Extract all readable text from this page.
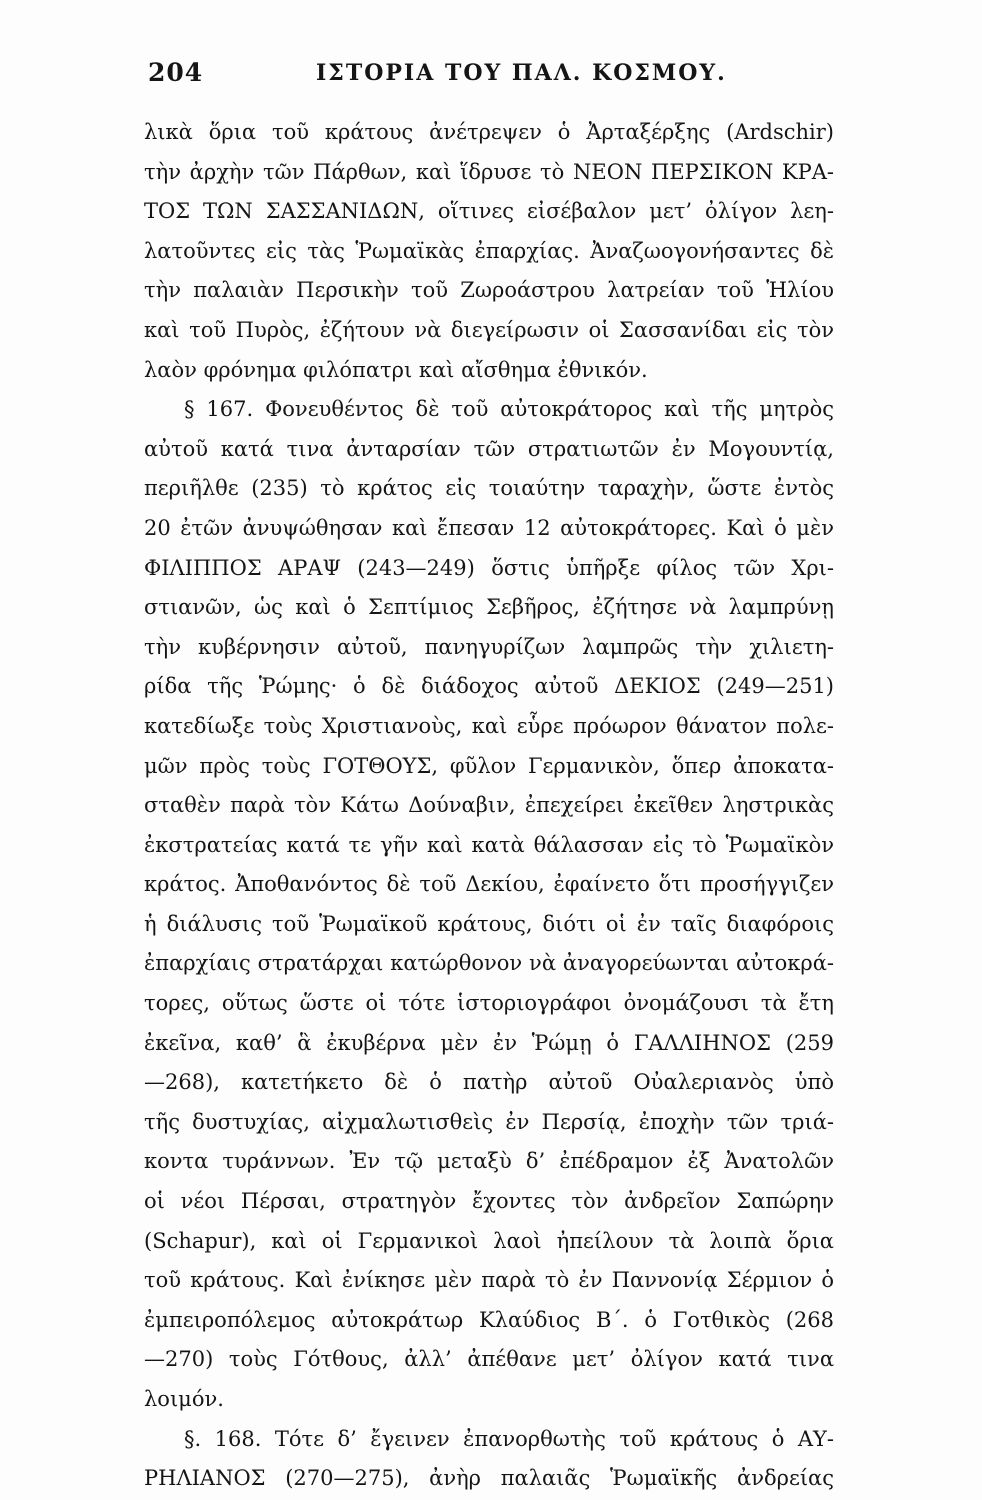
204	ΙΣΤΟΡΙΑ ΤΟΥ ΠΑΛ. ΚΟΣΜΟΥ.
λικὰ ὅρια τοῦ κράτους ἀνέτρεψεν ὁ Ἀρταξέρξης (Ardschir)
τὴν ἀρχὴν τῶν Πάρθων, καὶ ἵδρυσε τὸ ΝΕΟΝ ΠΕΡΣΙΚΟΝ ΚΡΑ-
ΤΟΣ ΤΩΝ ΣΑΣΣΑΝΙΔΩΝ, οἵτινες εἰσέβαλον μετ’ ὀλίγον λεη-
λατοῦντες εἰς τὰς Ῥωμαϊκὰς ἐπαρχίας. Ἀναζωογονήσαντες δὲ
τὴν παλαιὰν Περσικὴν τοῦ Ζωροάστρου λατρείαν τοῦ Ἡλίου
καὶ τοῦ Πυρὸς, ἐζήτουν νὰ διεγείρωσιν οἱ Σασσανίδαι εἰς τὸν
λαὸν φρόνημα φιλόπατρι καὶ αἴσθημα ἐθνικόν.
§ 167. Φονευθέντος δὲ τοῦ αὐτοκράτορος καὶ τῆς μητρὸς
αὐτοῦ κατά τινα ἀνταρσίαν τῶν στρατιωτῶν ἐν Μογουντίᾳ,
περιῆλθε (235) τὸ κράτος εἰς τοιαύτην ταραχὴν, ὥστε ἐντὸς
20 ἐτῶν ἀνυψώθησαν καὶ ἔπεσαν 12 αὐτοκράτορες. Καὶ ὁ μὲν
ΦΙΛΙΠΠΟΣ ΑΡΑΨ (243—249) ὅστις ὑπῆρξε φίλος τῶν Χρι-
στιανῶν, ὡς καὶ ὁ Σεπτίμιος Σεβῆρος, ἐζήτησε νὰ λαμπρύνῃ
τὴν κυβέρνησιν αὐτοῦ, πανηγυρίζων λαμπρῶς τὴν χιλιετη-
ρίδα τῆς Ῥώμης· ὁ δὲ διάδοχος αὐτοῦ ΔΕΚΙΟΣ (249—251)
κατεδίωξε τοὺς Χριστιανοὺς, καὶ εὗρε πρόωρον θάνατον πολε-
μῶν πρὸς τοὺς ΓΟΤΘΟΥΣ, φῦλον Γερμανικὸν, ὅπερ ἀποκατα-
σταθὲν παρὰ τὸν Κάτω Δούναβιν, ἐπεχείρει ἐκεῖθεν ληστρικὰς
ἐκστρατείας κατά τε γῆν καὶ κατὰ θάλασσαν εἰς τὸ Ῥωμαϊκὸν
κράτος. Ἀποθανόντος δὲ τοῦ Δεκίου, ἐφαίνετο ὅτι προσήγγιζεν
ἡ διάλυσις τοῦ Ῥωμαϊκοῦ κράτους, διότι οἱ ἐν ταῖς διαφόροις
ἐπαρχίαις στρατάρχαι κατώρθονον νὰ ἀναγορεύωνται αὐτοκρά-
τορες, οὕτως ὥστε οἱ τότε ἱστοριογράφοι ὀνομάζουσι τὰ ἔτη
ἐκεῖνα, καθ’ ἃ ἐκυβέρνα μὲν ἐν Ῥώμῃ ὁ ΓΑΛΛΙΗΝΟΣ (259
—268), κατετήκετο δὲ ὁ πατὴρ αὐτοῦ Οὐαλεριανὸς ὑπὸ
τῆς δυστυχίας, αἰχμαλωτισθεὶς ἐν Περσίᾳ, ἐποχὴν τῶν τριά-
κοντα τυράννων. Ἐν τῷ μεταξὺ δ’ ἐπέδραμον ἐξ Ἀνατολῶν
οἱ νέοι Πέρσαι, στρατηγὸν ἔχοντες τὸν ἀνδρεῖον Σαπώρην
(Schapur), καὶ οἱ Γερμανικοὶ λαοὶ ἠπείλουν τὰ λοιπὰ ὅρια
τοῦ κράτους. Καὶ ἐνίκησε μὲν παρὰ τὸ ἐν Παννονίᾳ Σέρμιον ὁ
ἐμπειροπόλεμος αὐτοκράτωρ Κλαύδιος Β΄. ὁ Γοτθικὸς (268
—270) τοὺς Γότθους, ἀλλ’ ἀπέθανε μετ’ ὀλίγον κατά τινα
λοιμόν.
§. 168. Τότε δ’ ἔγεινεν ἐπανορθωτὴς τοῦ κράτους ὁ ΑΥ-
ΡΗΛΙΑΝΟΣ (270—275), ἀνὴρ παλαιᾶς Ῥωμαϊκῆς ἀνδρείας
